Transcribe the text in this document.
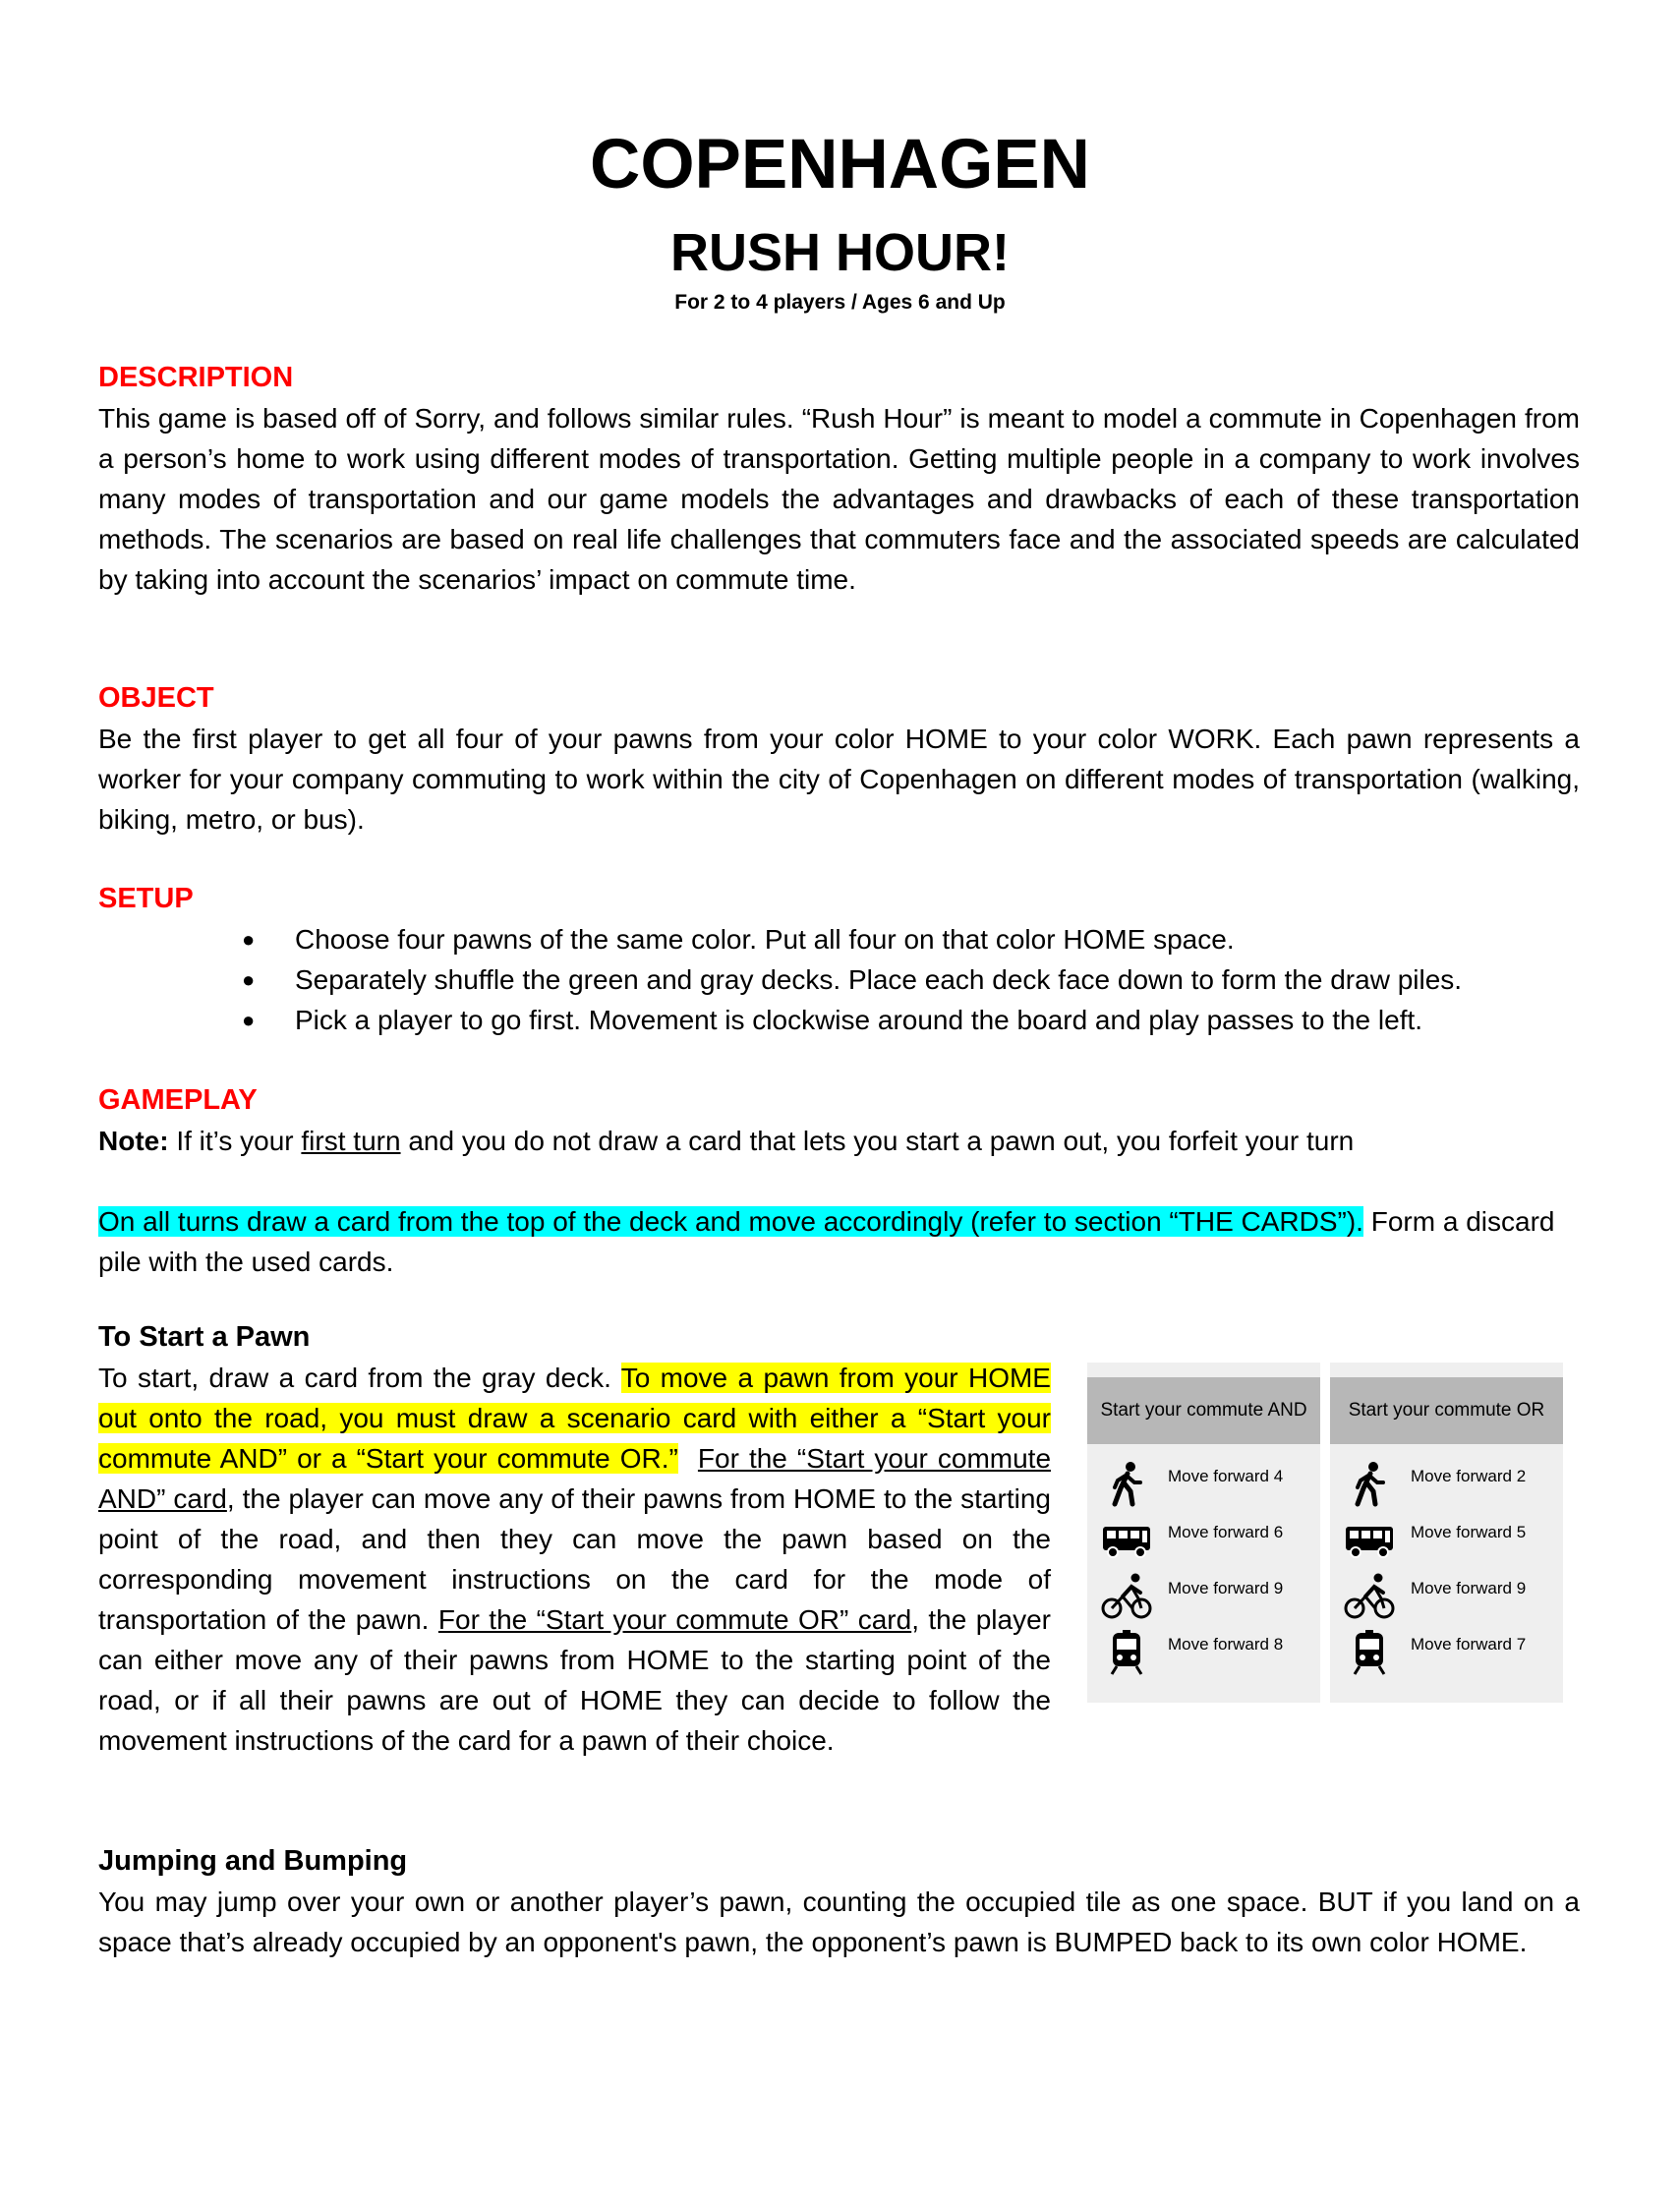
COPENHAGEN
RUSH HOUR!
For 2 to 4 players / Ages 6 and Up
DESCRIPTION
This game is based off of Sorry, and follows similar rules. “Rush Hour” is meant to model a commute in Copenhagen from a person’s home to work using different modes of transportation. Getting multiple people in a company to work involves many modes of transportation and our game models the advantages and drawbacks of each of these transportation methods. The scenarios are based on real life challenges that commuters face and the associated speeds are calculated by taking into account the scenarios’ impact on commute time.
OBJECT
Be the first player to get all four of your pawns from your color HOME to your color WORK. Each pawn represents a worker for your company commuting to work within the city of Copenhagen on different modes of transportation (walking, biking, metro, or bus).
SETUP
● Choose four pawns of the same color. Put all four on that color HOME space.
● Separately shuffle the green and gray decks. Place each deck face down to form the draw piles.
● Pick a player to go first. Movement is clockwise around the board and play passes to the left.
GAMEPLAY
Note: If it’s your first turn and you do not draw a card that lets you start a pawn out, you forfeit your turn
On all turns draw a card from the top of the deck and move accordingly (refer to section “THE CARDS”). Form a discard pile with the used cards.
To Start a Pawn
To start, draw a card from the gray deck. To move a pawn from your HOME out onto the road, you must draw a scenario card with either a “Start your commute AND” or a “Start your commute OR.” For the “Start your commute AND” card, the player can move any of their pawns from HOME to the starting point of the road, and then they can move the pawn based on the corresponding movement instructions on the card for the mode of transportation of the pawn. For the “Start your commute OR” card, the player can either move any of their pawns from HOME to the starting point of the road, or if all their pawns are out of HOME they can decide to follow the movement instructions of the card for a pawn of their choice.
Start your commute AND
Move forward 4
Move forward 6
Move forward 9
Move forward 8
Start your commute OR
Move forward 2
Move forward 5
Move forward 9
Move forward 7
Jumping and Bumping
You may jump over your own or another player’s pawn, counting the occupied tile as one space. BUT if you land on a space that’s already occupied by an opponent's pawn, the opponent’s pawn is BUMPED back to its own color HOME.
